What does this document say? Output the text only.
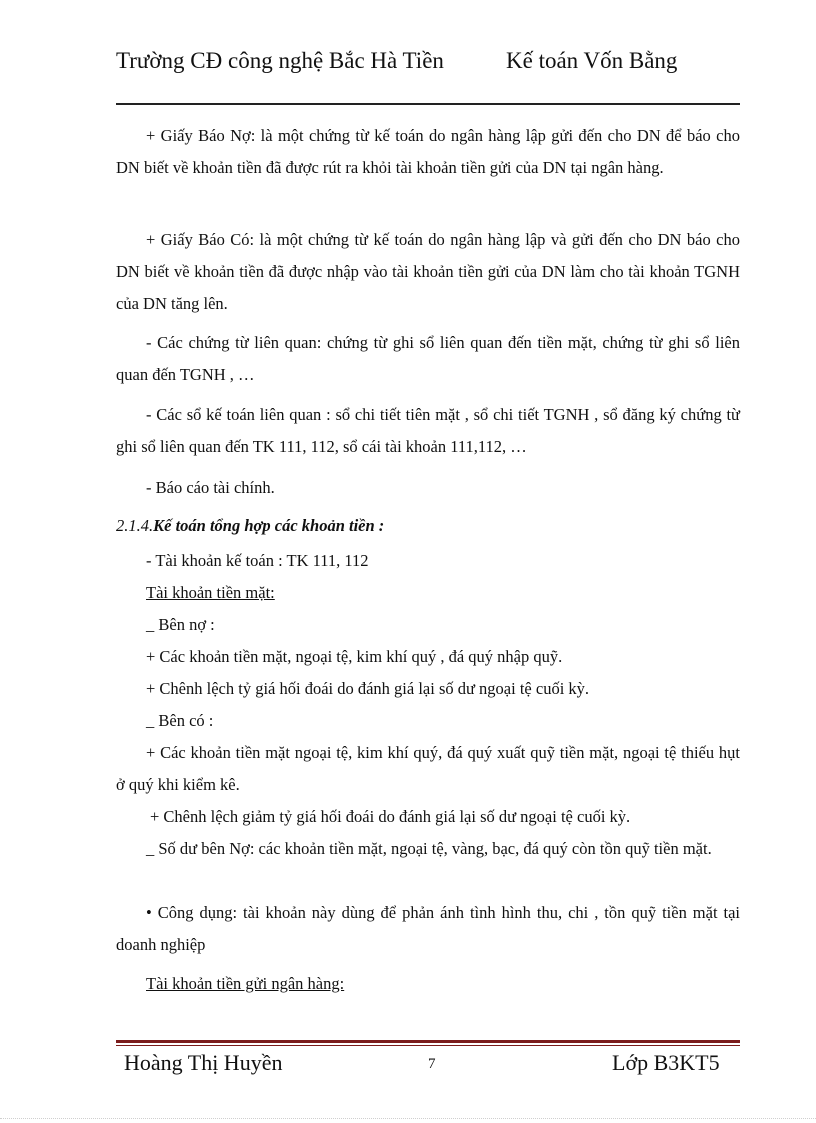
Trường CĐ công nghệ Bắc Hà Tiền	Kế toán Vốn Bằng

+ Giấy Báo Nợ: là một chứng từ kế toán do ngân hàng lập gửi đến cho DN để báo cho DN biết về khoản tiền đã được rút ra khỏi tài khoản tiền gửi của DN tại ngân hàng.

+ Giấy Báo Có: là một chứng từ kế toán do ngân hàng lập và gửi đến cho DN báo cho DN biết về khoản tiền đã được nhập vào tài khoản tiền gửi của DN làm cho tài khoản TGNH của DN tăng lên.

- Các chứng từ liên quan: chứng từ ghi sổ liên quan đến tiền mặt, chứng từ ghi sổ liên quan đến TGNH , …

- Các sổ kế toán liên quan : sổ chi tiết tiên mặt , sổ chi tiết TGNH , sổ đăng ký chứng từ ghi sổ liên quan đến TK 111, 112, sổ cái tài khoản 111,112, …

- Báo cáo tài chính.

2.1.4.Kế toán tổng hợp các khoản tiền :

- Tài khoản kế toán : TK 111, 112

Tài khoản tiền mặt:

_ Bên nợ :

+ Các khoản tiền mặt, ngoại tệ, kim khí quý , đá quý nhập quỹ.

+ Chênh lệch tỷ giá hối đoái do đánh giá lại số dư ngoại tệ cuối kỳ.

_ Bên có :

+ Các khoản tiền mặt ngoại tệ, kim khí quý, đá quý xuất quỹ tiền mặt, ngoại tệ thiếu hụt ở quý khi kiểm kê.

+ Chênh lệch giảm tỷ giá hối đoái do đánh giá lại số dư ngoại tệ cuối kỳ.

_ Số dư bên Nợ: các khoản tiền mặt, ngoại tệ, vàng, bạc, đá quý còn tồn quỹ tiền mặt.

• Công dụng: tài khoản này dùng để phản ánh tình hình thu, chi , tồn quỹ tiền mặt tại doanh nghiệp

Tài khoản tiền gửi ngân hàng:

Hoàng Thị Huyền	7	Lớp B3KT5
